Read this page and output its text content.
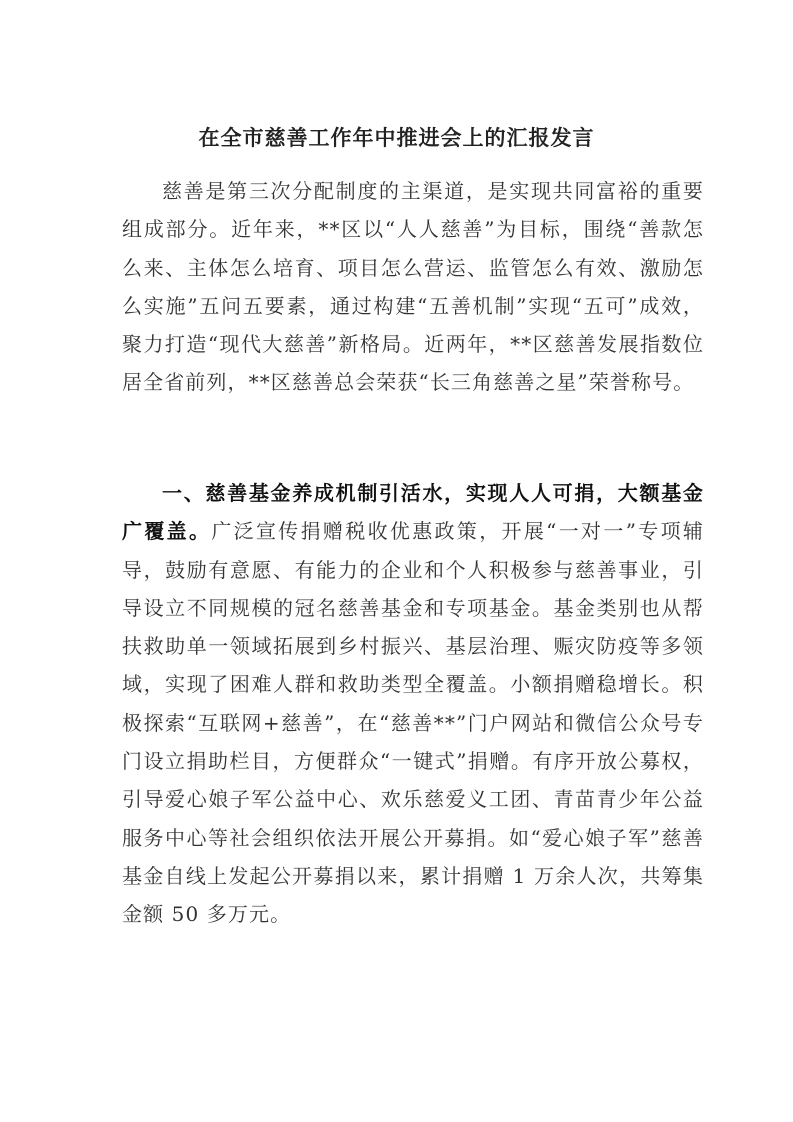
在全市慈善工作年中推进会上的汇报发言

慈善是第三次分配制度的主渠道，是实现共同富裕的重要组成部分。近年来，**区以“人人慈善”为目标，围绕“善款怎么来、主体怎么培育、项目怎么营运、监管怎么有效、激励怎么实施”五问五要素，通过构建“五善机制”实现“五可”成效，聚力打造“现代大慈善”新格局。近两年，**区慈善发展指数位居全省前列，**区慈善总会荣获“长三角慈善之星”荣誉称号。

一、慈善基金养成机制引活水，实现人人可捐，大额基金广覆盖。广泛宣传捐赠税收优惠政策，开展“一对一”专项辅导，鼓励有意愿、有能力的企业和个人积极参与慈善事业，引导设立不同规模的冠名慈善基金和专项基金。基金类别也从帮扶救助单一领域拓展到乡村振兴、基层治理、赈灾防疫等多领域，实现了困难人群和救助类型全覆盖。小额捐赠稳增长。积极探索“互联网+慈善”，在“慈善**”门户网站和微信公众号专门设立捐助栏目，方便群众“一键式”捐赠。有序开放公募权，引导爱心娘子军公益中心、欢乐慈爱义工团、青苗青少年公益服务中心等社会组织依法开展公开募捐。如“爱心娘子军”慈善基金自线上发起公开募捐以来，累计捐赠 1 万余人次，共筹集金额 50 多万元。
